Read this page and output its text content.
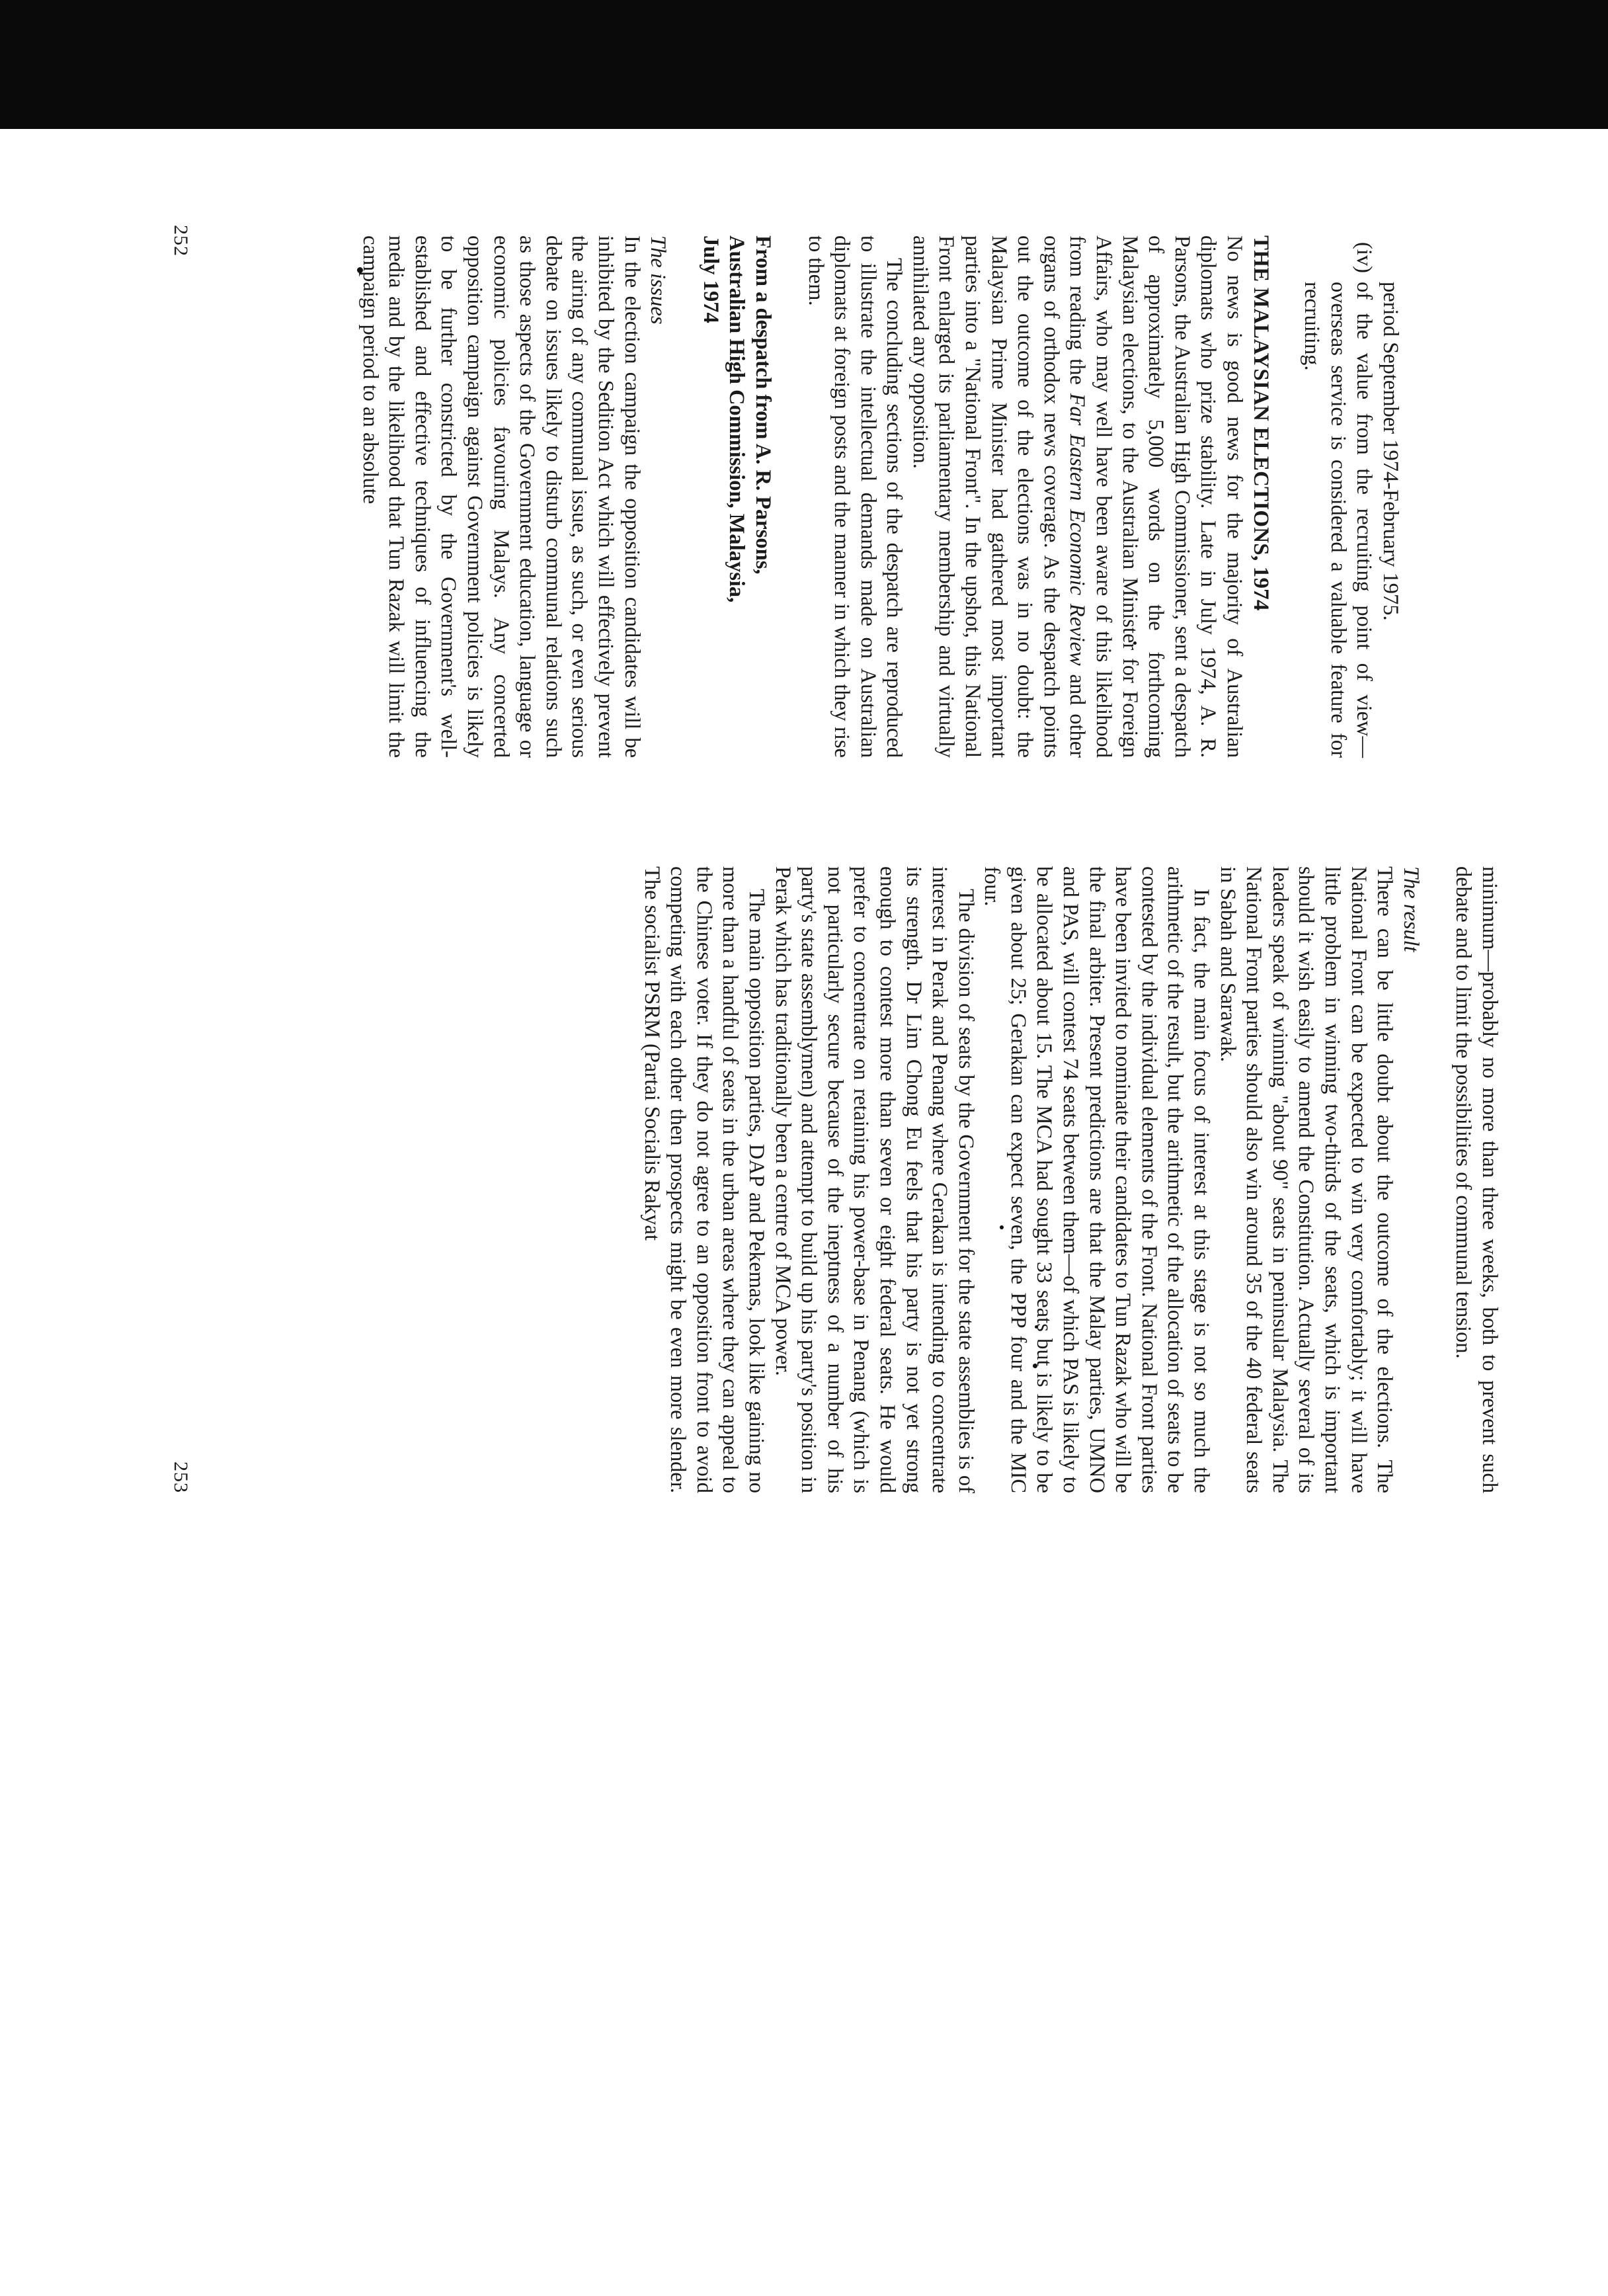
period September 1974-February 1975.

(iv)
of the value from the recruiting point of view—overseas service is considered a valuable feature for recruiting.

THE MALAYSIAN ELECTIONS, 1974

No news is good news for the majority of Australian diplomats who prize stability. Late in July 1974, A. R. Parsons, the Australian High Commissioner, sent a despatch of approximately 5,000 words on the forthcoming Malaysian elections, to the Australian Minister for Foreign Affairs, who may well have been aware of this likelihood from reading the Far Eastern Economic Review and other organs of orthodox news coverage. As the despatch points out the outcome of the elections was in no doubt: the Malaysian Prime Minister had gathered most important parties into a "National Front". In the upshot, this National Front enlarged its parliamentary membership and virtually annihilated any opposition.

The concluding sections of the despatch are reproduced to illustrate the intellectual demands made on Australian diplomats at foreign posts and the manner in which they rise to them.

From a despatch from A. R. Parsons,
Australian High Commission, Malaysia,
July 1974

The issues

In the election campaign the opposition candidates will be inhibited by the Sedition Act which will effectively prevent the airing of any communal issue, as such, or even serious debate on issues likely to disturb communal relations such as those aspects of the Government education, language or economic policies favouring Malays. Any concerted opposition campaign against Government policies is likely to be further constricted by the Government's well-established and effective techniques of influencing the media and by the likelihood that Tun Razak will limit the campaign period to an absolute

252

minimum—probably no more than three weeks, both to prevent such debate and to limit the possibilities of communal tension.

The result

There can be little doubt about the outcome of the elections. The National Front can be expected to win very comfortably; it will have little problem in winning two-thirds of the seats, which is important should it wish easily to amend the Constitution. Actually several of its leaders speak of winning "about 90" seats in peninsular Malaysia. The National Front parties should also win around 35 of the 40 federal seats in Sabah and Sarawak.

In fact, the main focus of interest at this stage is not so much the arithmetic of the result, but the arithmetic of the allocation of seats to be contested by the individual elements of the Front. National Front parties have been invited to nominate their candidates to Tun Razak who will be the final arbiter. Present predictions are that the Malay parties, UMNO and PAS, will contest 74 seats between them—of which PAS is likely to be allocated about 15. The MCA had sought 33 seats but is likely to be given about 25; Gerakan can expect seven, the PPP four and the MIC four.

The division of seats by the Government for the state assemblies is of interest in Perak and Penang where Gerakan is intending to concentrate its strength. Dr Lim Chong Eu feels that his party is not yet strong enough to contest more than seven or eight federal seats. He would prefer to concentrate on retaining his power-base in Penang (which is not particularly secure because of the ineptness of a number of his party's state assemblymen) and attempt to build up his party's position in Perak which has traditionally been a centre of MCA power.

The main opposition parties, DAP and Pekemas, look like gaining no more than a handful of seats in the urban areas where they can appeal to the Chinese voter. If they do not agree to an opposition front to avoid competing with each other then prospects might be even more slender. The socialist PSRM (Partai Socialis Rakyat

253
